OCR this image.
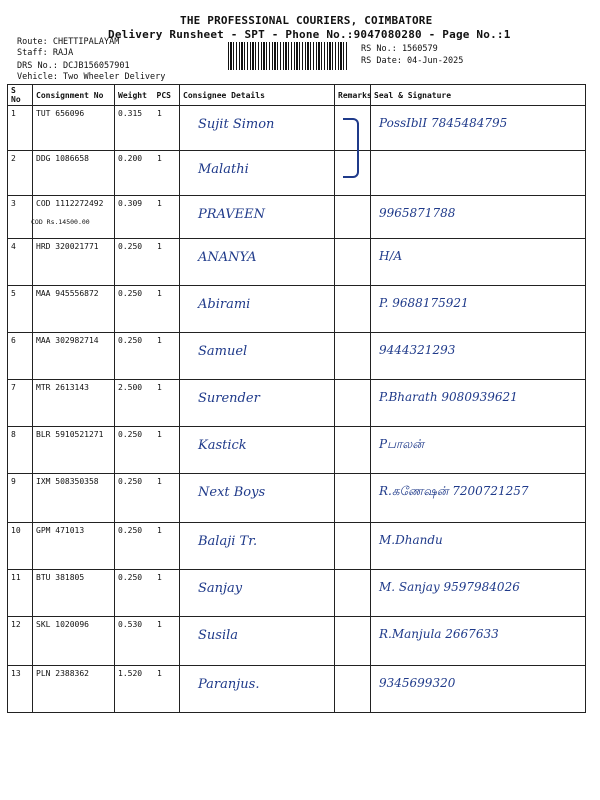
THE PROFESSIONAL COURIERS, COIMBATORE
Delivery Runsheet - SPT - Phone No.:9047080280 - Page No.:1
Route: CHETTIPALAYAM
Staff: RAJA
DRS No.: DCJB156057901
Vehicle: Two Wheeler Delivery
RS No.: 1560579
RS Date: 04-Jun-2025
S No	Consignment No	Weight PCS	Consignee Details	Remarks	Seal & Signature
1	TUT 656096	0.315 1	Sujit Simon		PossIblI 7845484795

2	DDG 1086658	0.200 1	Malathi		

3	COD 1112272492
COD Rs.14500.00	0.309 1	PRAVEEN		9965871788

4	HRD 320021771	0.250 1	ANANYA		H/A

5	MAA 945556872	0.250 1	Abirami		P. 9688175921

6	MAA 302982714	0.250 1	Samuel		9444321293

7	MTR 2613143	2.500 1	Surender		P.Bharath 9080939621

8	BLR 5910521271	0.250 1	Kastick		Pபாலன்

9	IXM 508350358	0.250 1	Next Boys		R.கணேஷன் 7200721257

10	GPM 471013	0.250 1	Balaji Tr.		M.Dhandu

11	BTU 381805	0.250 1	Sanjay		M. Sanjay 9597984026

12	SKL 1020096	0.530 1	Susila		R.Manjula 2667633

13	PLN 2388362	1.520 1	Paranjus.		9345699320
